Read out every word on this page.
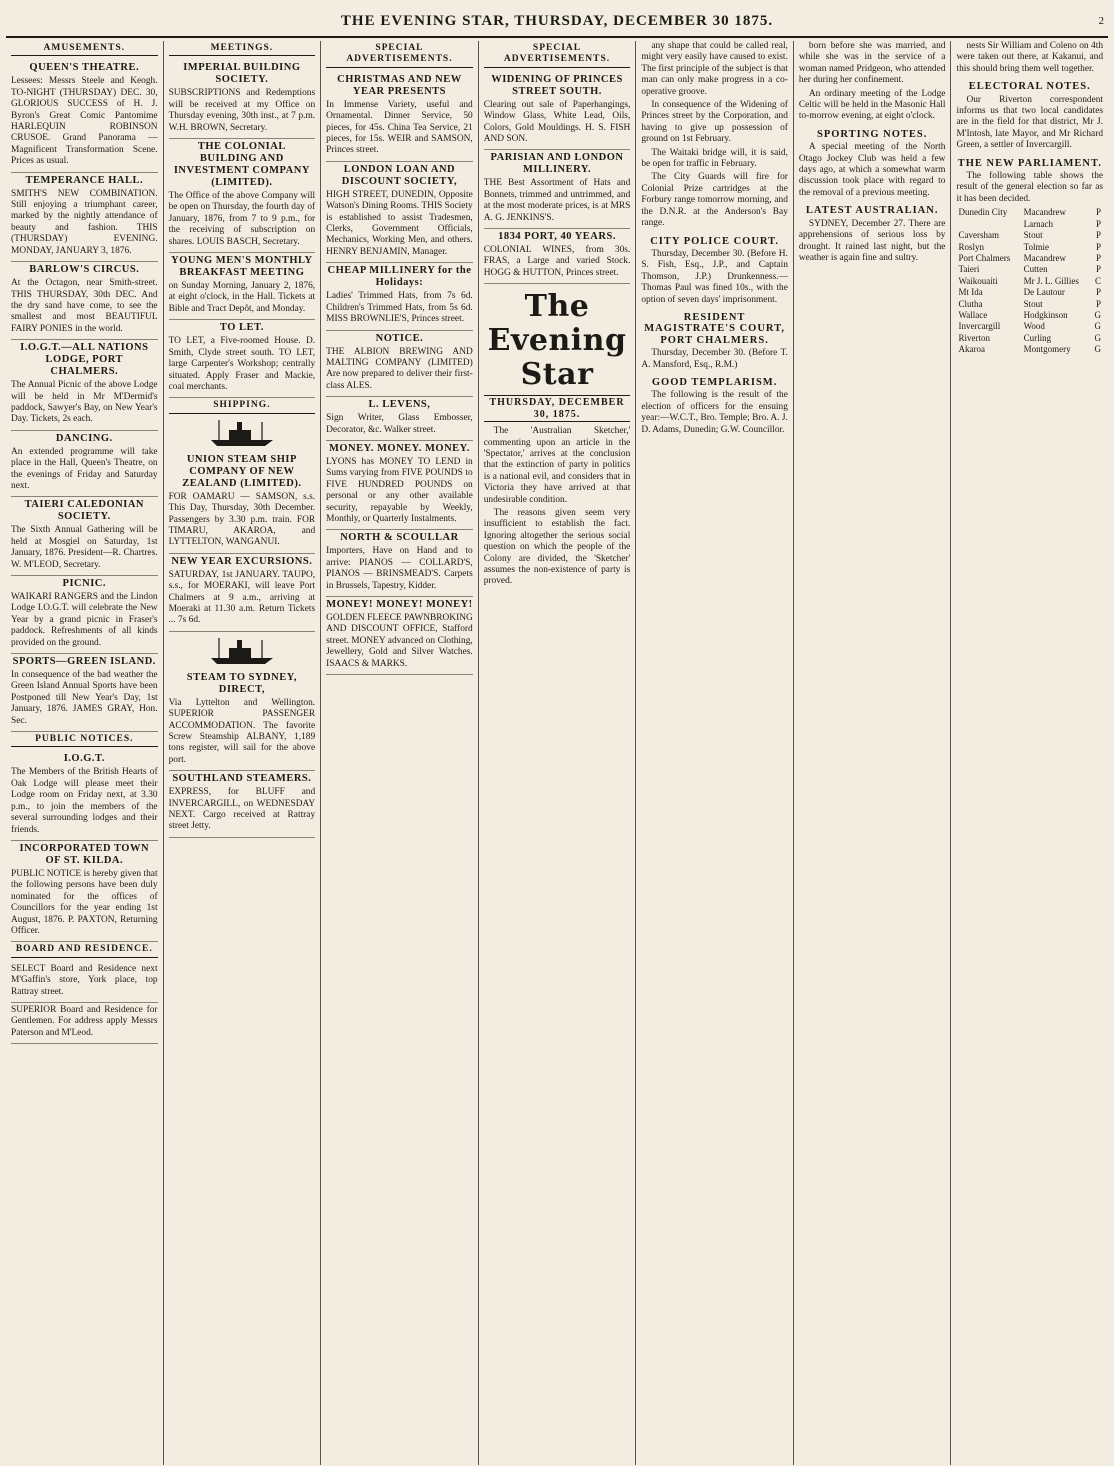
THE EVENING STAR, THURSDAY, DECEMBER 30 1875.	2
AMUSEMENTS.
QUEEN'S THEATRE.

Lessees: Messrs Steele and Keogh. TO-NIGHT (THURSDAY) DEC. 30, GLORIOUS SUCCESS of H. J. Byron's Great Comic Pantomime HARLEQUIN ROBINSON CRUSOE. Grand Panorama — Magnificent Transformation Scene. Prices as usual.

TEMPERANCE HALL.

SMITH'S NEW COMBINATION. Still enjoying a triumphant career, marked by the nightly attendance of beauty and fashion. THIS (THURSDAY) EVENING. MONDAY, JANUARY 3, 1876.

BARLOW'S CIRCUS.

At the Octagon, near Smith-street. THIS THURSDAY, 30th DEC. And the dry sand have come, to see the smallest and most BEAUTIFUL FAIRY PONIES in the world.

I.O.G.T.—ALL NATIONS LODGE, PORT CHALMERS.

The Annual Picnic of the above Lodge will be held in Mr M'Dermid's paddock, Sawyer's Bay, on New Year's Day. Tickets, 2s each.

DANCING.

An extended programme will take place in the Hall, Queen's Theatre, on the evenings of Friday and Saturday next.

TAIERI CALEDONIAN SOCIETY.

The Sixth Annual Gathering will be held at Mosgiel on Saturday, 1st January, 1876. President—R. Chartres. W. M'LEOD, Secretary.

PICNIC.

WAIKARI RANGERS and the Lindon Lodge I.O.G.T. will celebrate the New Year by a grand picnic in Fraser's paddock. Refreshments of all kinds provided on the ground.

SPORTS—GREEN ISLAND.

In consequence of the bad weather the Green Island Annual Sports have been Postponed till New Year's Day, 1st January, 1876. JAMES GRAY, Hon. Sec.

PUBLIC NOTICES.
I.O.G.T.

The Members of the British Hearts of Oak Lodge will please meet their Lodge room on Friday next, at 3.30 p.m., to join the members of the several surrounding lodges and their friends.

INCORPORATED TOWN OF ST. KILDA.

PUBLIC NOTICE is hereby given that the following persons have been duly nominated for the offices of Councillors for the year ending 1st August, 1876. P. PAXTON, Returning Officer.

BOARD AND RESIDENCE.

SELECT Board and Residence next M'Gaffin's store, York place, top Rattray street.

SUPERIOR Board and Residence for Gentlemen. For address apply Messrs Paterson and M'Leod.

MEETINGS.
IMPERIAL BUILDING SOCIETY.

SUBSCRIPTIONS and Redemptions will be received at my Office on Thursday evening, 30th inst., at 7 p.m. W.H. BROWN, Secretary.

THE COLONIAL BUILDING AND INVESTMENT COMPANY (LIMITED).

The Office of the above Company will be open on Thursday, the fourth day of January, 1876, from 7 to 9 p.m., for the receiving of subscription on shares. LOUIS BASCH, Secretary.

YOUNG MEN'S MONTHLY BREAKFAST MEETING

on Sunday Morning, January 2, 1876, at eight o'clock, in the Hall. Tickets at Bible and Tract Depôt, and Monday.

TO LET.

TO LET, a Five-roomed House. D. Smith, Clyde street south. TO LET, large Carpenter's Workshop; centrally situated. Apply Fraser and Mackie, coal merchants.

SHIPPING.
UNION STEAM SHIP COMPANY OF NEW ZEALAND (LIMITED).

FOR OAMARU — SAMSON, s.s. This Day, Thursday, 30th December. Passengers by 3.30 p.m. train. FOR TIMARU, AKAROA, and LYTTELTON, WANGANUI.

NEW YEAR EXCURSIONS.

SATURDAY, 1st JANUARY. TAUPO, s.s., for MOERAKI, will leave Port Chalmers at 9 a.m., arriving at Moeraki at 11.30 a.m. Return Tickets ... 7s 6d.

STEAM TO SYDNEY, DIRECT,

Via Lyttelton and Wellington. SUPERIOR PASSENGER ACCOMMODATION. The favorite Screw Steamship ALBANY, 1,189 tons register, will sail for the above port.

SOUTHLAND STEAMERS.

EXPRESS, for BLUFF and INVERCARGILL, on WEDNESDAY NEXT. Cargo received at Rattray street Jetty.

SPECIAL ADVERTISEMENTS.
CHRISTMAS AND NEW YEAR PRESENTS

In Immense Variety, useful and Ornamental. Dinner Service, 50 pieces, for 45s. China Tea Service, 21 pieces, for 15s. WEIR and SAMSON, Princes street.

LONDON LOAN AND DISCOUNT SOCIETY,

HIGH STREET, DUNEDIN, Opposite Watson's Dining Rooms. THIS Society is established to assist Tradesmen, Clerks, Government Officials, Mechanics, Working Men, and others. HENRY BENJAMIN, Manager.

CHEAP MILLINERY for the Holidays:

Ladies' Trimmed Hats, from 7s 6d. Children's Trimmed Hats, from 5s 6d. MISS BROWNLIE'S, Princes street.

NOTICE.

THE ALBION BREWING AND MALTING COMPANY (LIMITED) Are now prepared to deliver their first-class ALES.

L. LEVENS,

Sign Writer, Glass Embosser, Decorator, &c. Walker street.

MONEY. MONEY. MONEY.

LYONS has MONEY TO LEND in Sums varying from FIVE POUNDS to FIVE HUNDRED POUNDS on personal or any other available security, repayable by Weekly, Monthly, or Quarterly Instalments.

NORTH & SCOULLAR

Importers, Have on Hand and to arrive: PIANOS — COLLARD'S, PIANOS — BRINSMEAD'S. Carpets in Brussels, Tapestry, Kidder.

MONEY! MONEY! MONEY!

GOLDEN FLEECE PAWNBROKING AND DISCOUNT OFFICE, Stafford street. MONEY advanced on Clothing, Jewellery, Gold and Silver Watches. ISAACS & MARKS.

SPECIAL ADVERTISEMENTS.
WIDENING OF PRINCES STREET SOUTH.

Clearing out sale of Paperhangings, Window Glass, White Lead, Oils, Colors, Gold Mouldings. H. S. FISH AND SON.

PARISIAN AND LONDON MILLINERY.

THE Best Assortment of Hats and Bonnets, trimmed and untrimmed, and at the most moderate prices, is at MRS A. G. JENKINS'S.

1834 PORT, 40 YEARS.

COLONIAL WINES, from 30s. FRAS, a Large and varied Stock. HOGG & HUTTON, Princes street.

The Evening Star
THURSDAY, DECEMBER 30, 1875.

The 'Australian Sketcher,' commenting upon an article in the 'Spectator,' arrives at the conclusion that the extinction of party in politics is a national evil, and considers that in Victoria they have arrived at that undesirable condition.

The reasons given seem very insufficient to establish the fact. Ignoring altogether the serious social question on which the people of the Colony are divided, the 'Sketcher' assumes the non-existence of party is proved.

any shape that could be called real, might very easily have caused to exist. The first principle of the subject is that man can only make progress in a co-operative groove.

In consequence of the Widening of Princes street by the Corporation, and having to give up possession of ground on 1st February.

The Waitaki bridge will, it is said, be open for traffic in February.

The City Guards will fire for Colonial Prize cartridges at the Forbury range tomorrow morning, and the D.N.R. at the Anderson's Bay range.

CITY POLICE COURT.

Thursday, December 30. (Before H. S. Fish, Esq., J.P., and Captain Thomson, J.P.) Drunkenness.—Thomas Paul was fined 10s., with the option of seven days' imprisonment.

RESIDENT MAGISTRATE'S COURT, PORT CHALMERS.

Thursday, December 30. (Before T. A. Mansford, Esq., R.M.)

GOOD TEMPLARISM.

The following is the result of the election of officers for the ensuing year:—W.C.T., Bro. Temple; Bro. A. J. D. Adams, Dunedin; G.W. Councillor.

born before she was married, and while she was in the service of a woman named Pridgeon, who attended her during her confinement.

An ordinary meeting of the Lodge Celtic will be held in the Masonic Hall to-morrow evening, at eight o'clock.

SPORTING NOTES.

A special meeting of the North Otago Jockey Club was held a few days ago, at which a somewhat warm discussion took place with regard to the removal of a previous meeting.

LATEST AUSTRALIAN.

SYDNEY, December 27. There are apprehensions of serious loss by drought. It rained last night, but the weather is again fine and sultry.

nests Sir William and Coleno on 4th were taken out there, at Kakanui, and this should bring them well together.

ELECTORAL NOTES.

Our Riverton correspondent informs us that two local candidates are in the field for that district, Mr J. M'Intosh, late Mayor, and Mr Richard Green, a settler of Invercargill.

THE NEW PARLIAMENT.

The following table shows the result of the general election so far as it has been decided.

Dunedin City	Macandrew	P
	Larnach	P
Caversham	Stout	P
Roslyn	Tolmie	P
Port Chalmers	Macandrew	P
Taieri	Cutten	P
Waikouaiti	Mr J. L. Gillies	C
Mt Ida	De Lautour	P
Clutha	Stout	P
Wallace	Hodgkinson	G
Invercargill	Wood	G
Riverton	Curling	G
Akaroa	Montgomery	G
